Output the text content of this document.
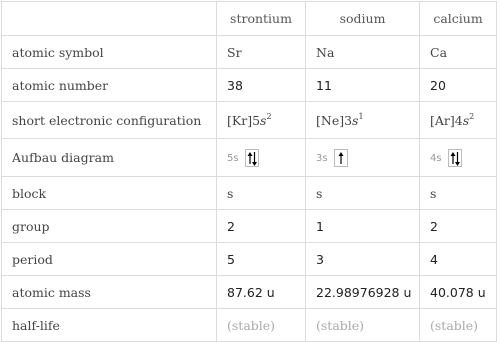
	strontium	sodium	calcium
atomic symbol	Sr	Na	Ca
atomic number	38	11	20
short electronic configuration	$[Kr]5s^2$	$[Ne]3s^1$	$[Ar]4s^2$
Aufbau diagram	5s	3s	4s

block	s	s	s
group	2	1	2
period	5	3	4
atomic mass	87.62 u	22.98976928 u	40.078 u
half-life	(stable)	(stable)	(stable)
